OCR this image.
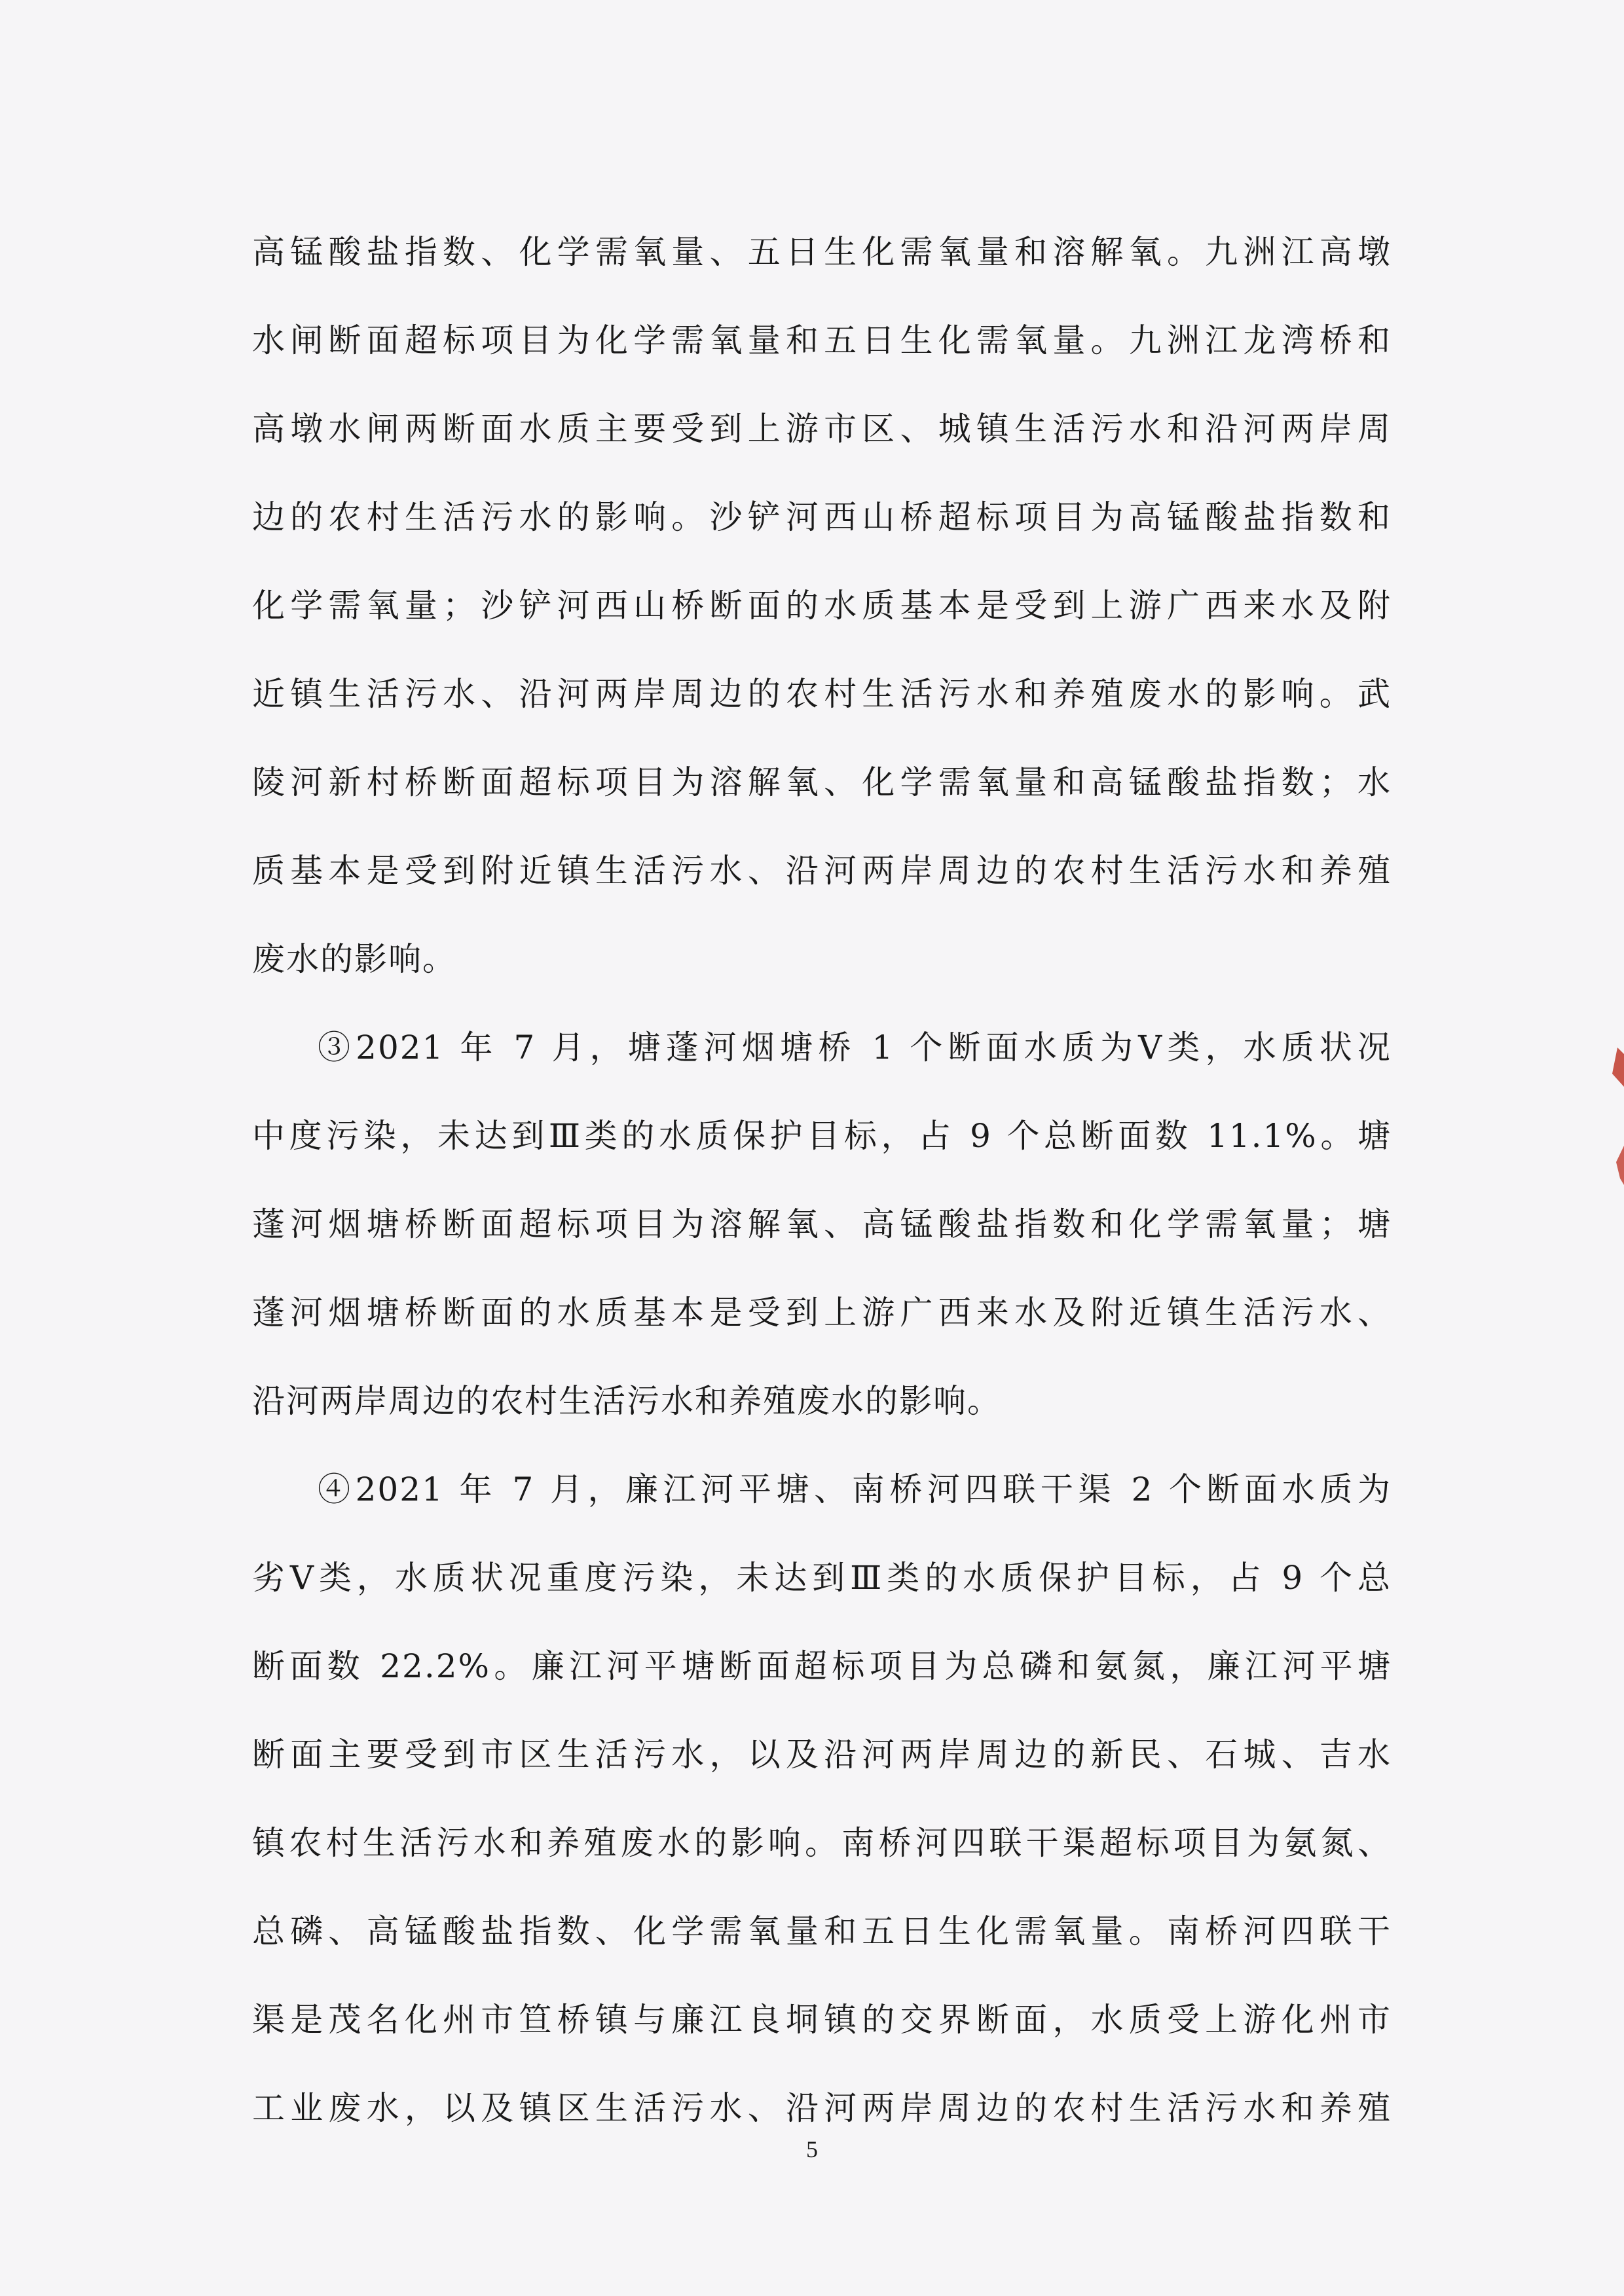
高锰酸盐指数、化学需氧量、五日生化需氧量和溶解氧。九洲江高墩
水闸断面超标项目为化学需氧量和五日生化需氧量。九洲江龙湾桥和
高墩水闸两断面水质主要受到上游市区、城镇生活污水和沿河两岸周
边的农村生活污水的影响。沙铲河西山桥超标项目为高锰酸盐指数和
化学需氧量；沙铲河西山桥断面的水质基本是受到上游广西来水及附
近镇生活污水、沿河两岸周边的农村生活污水和养殖废水的影响。武
陵河新村桥断面超标项目为溶解氧、化学需氧量和高锰酸盐指数；水
质基本是受到附近镇生活污水、沿河两岸周边的农村生活污水和养殖
废水的影响。
③2021 年 7 月，塘蓬河烟塘桥 1 个断面水质为Ⅴ类，水质状况
中度污染，未达到Ⅲ类的水质保护目标，占 9 个总断面数 11.1%。塘
蓬河烟塘桥断面超标项目为溶解氧、高锰酸盐指数和化学需氧量；塘
蓬河烟塘桥断面的水质基本是受到上游广西来水及附近镇生活污水、
沿河两岸周边的农村生活污水和养殖废水的影响。
④2021 年 7 月，廉江河平塘、南桥河四联干渠 2 个断面水质为
劣Ⅴ类，水质状况重度污染，未达到Ⅲ类的水质保护目标，占 9 个总
断面数 22.2%。廉江河平塘断面超标项目为总磷和氨氮，廉江河平塘
断面主要受到市区生活污水，以及沿河两岸周边的新民、石城、吉水
镇农村生活污水和养殖废水的影响。南桥河四联干渠超标项目为氨氮、
总磷、高锰酸盐指数、化学需氧量和五日生化需氧量。南桥河四联干
渠是茂名化州市笪桥镇与廉江良垌镇的交界断面，水质受上游化州市
工业废水，以及镇区生活污水、沿河两岸周边的农村生活污水和养殖
5
